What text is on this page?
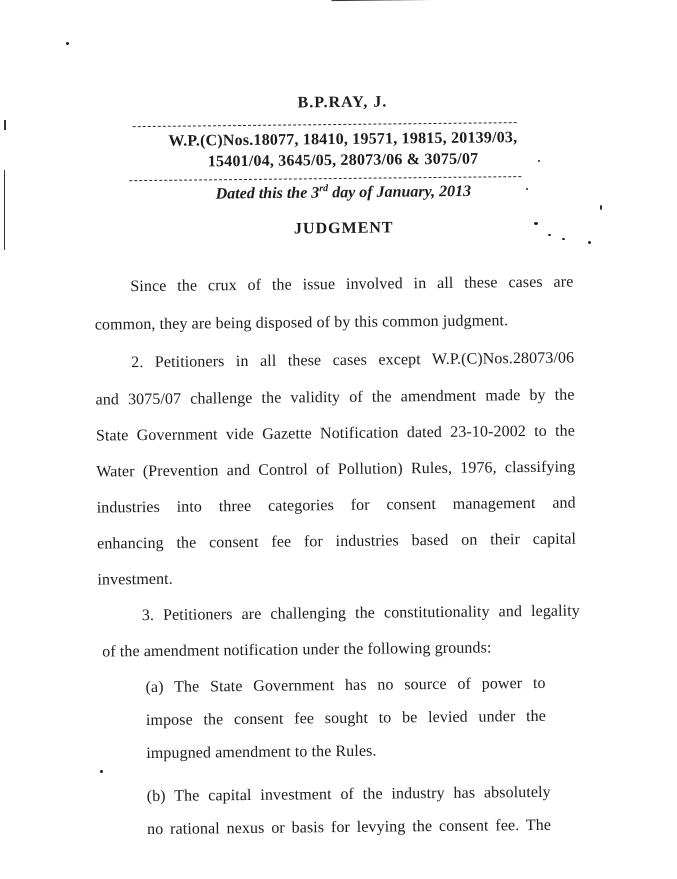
B.P.RAY, J.
W.P.(C)Nos.18077, 18410, 19571, 19815, 20139/03,
15401/04, 3645/05, 28073/06 & 3075/07
Dated this the 3rd day of January, 2013
JUDGMENT
Since the crux of the issue involved in all these cases are
common, they are being disposed of by this common judgment.
2. Petitioners in all these cases except W.P.(C)Nos.28073/06
and 3075/07 challenge the validity of the amendment made by the
State Government vide Gazette Notification dated 23-10-2002 to the
Water (Prevention and Control of Pollution) Rules, 1976, classifying
industries into three categories for consent management and
enhancing the consent fee for industries based on their capital
investment.
3. Petitioners are challenging the constitutionality and legality
of the amendment notification under the following grounds:
(a) The State Government has no source of power to
impose the consent fee sought to be levied under the
impugned amendment to the Rules.
(b) The capital investment of the industry has absolutely
no rational nexus or basis for levying the consent fee. The
